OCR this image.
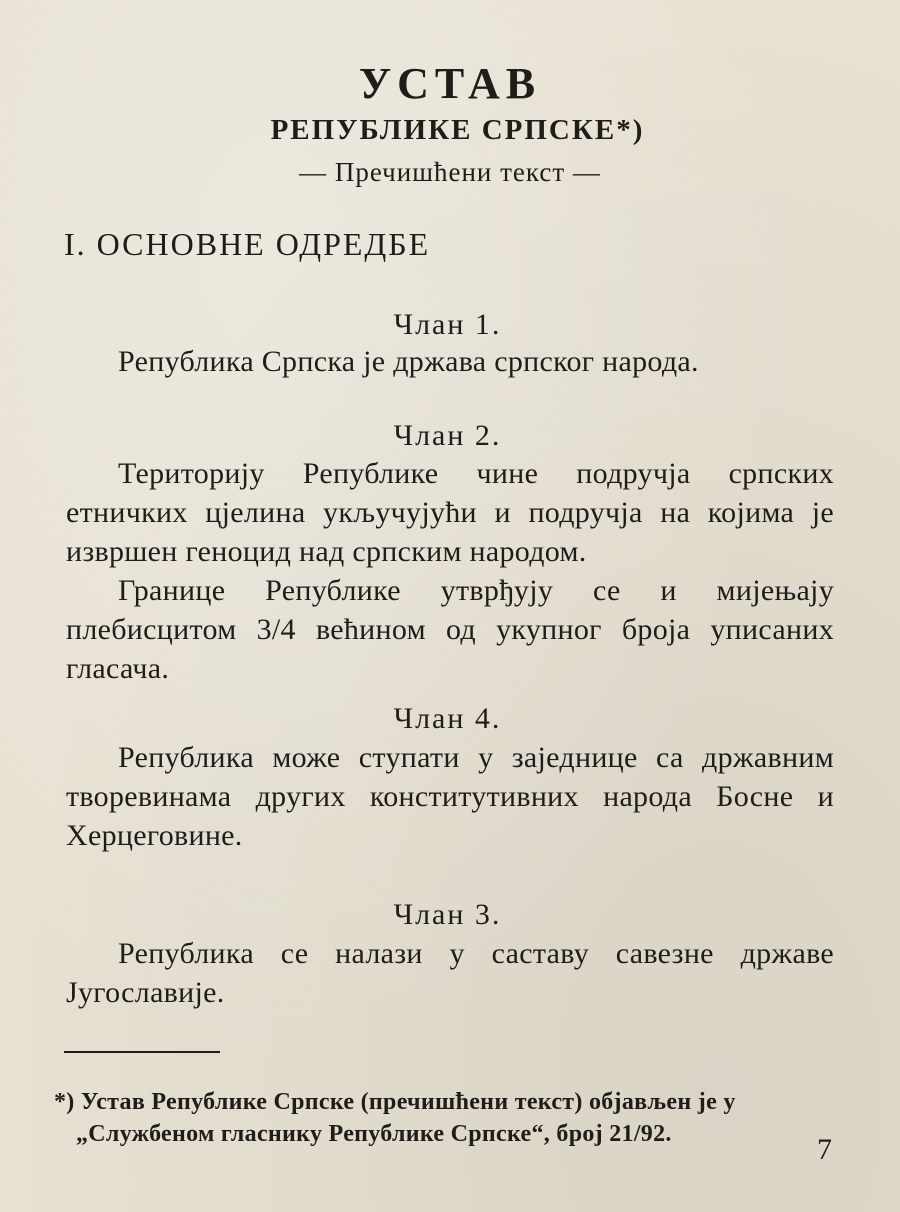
УСТАВ
РЕПУБЛИКЕ СРПСКЕ*)

— Пречишћени текст —

I. ОСНОВНЕ ОДРЕДБЕ
Члан 1.

Република Српска је држава српског народа.

Члан 2.

Територију Републике чине подручја српских етничких цјелина укључујући и подручја на којима је извршен геноцид над српским народом.

Границе Републике утврђују се и мијењају плебисцитом 3/4 већином од укупног броја уписаних гласача.

Члан 4.

Република може ступати у заједнице са државним творевинама других конститутивних народа Босне и Херцеговине.

Члан 3.

Република се налази у саставу савезне државе Југославије.

*) Устав Републике Српске (пречишћени текст) објављен је у
„Службеном гласнику Републике Српске“, број 21/92.	7
